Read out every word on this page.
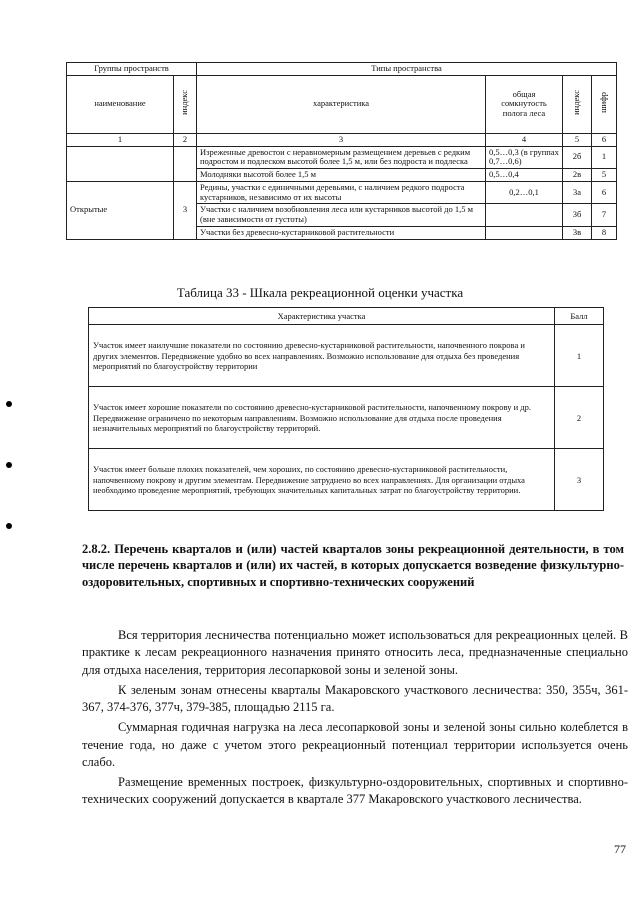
Группы пространств		Типы пространства			
наименование	индекс	характеристика	общая сомкнутость полога леса	индекс	шифр
1	2	3	4	5	6
		Изреженные древостои с неравномерным размещением деревьев с редким подростом и подлеском высотой более 1,5 м, или без подроста и подлеска	0,5…0,3 (в группах 0,7…0,6)	2б	1
		Молодняки высотой более 1,5 м	0,5…0,4	2в	5
Открытые	3	Редины, участки с единичными деревьями, с наличием редкого подроста кустарников, независимо от их высоты	0,2…0,1	3а	6
		Участки с наличием возобновления леса или кустарников высотой до 1,5 м (вне зависимости от густоты)		3б	7
		Участки без древесно-кустарниковой растительности		3в	8
Таблица 33 - Шкала рекреационной оценки участка
Характеристика участка	Балл
Участок имеет наилучшие показатели по состоянию древесно-кустарниковой растительности, напочвенного покрова и других элементов. Передвижение удобно во всех направлениях. Возможно использование для отдыха без проведения мероприятий по благоустройству территории	1
Участок имеет хорошие показатели по состоянию древесно-кустарниковой растительности, напочвенному покрову и др. Передвижение ограничено по некоторым направлениям. Возможно использование для отдыха после проведения незначительных мероприятий по благоустройству территорий.	2
Участок имеет больше плохих показателей, чем хороших, по состоянию древесно-кустарниковой растительности, напочвенному покрову и другим элементам. Передвижение затруднено во всех направлениях. Для организации отдыха необходимо проведение мероприятий, требующих значительных капитальных затрат по благоустройству территории.	3
2.8.2. Перечень кварталов и (или) частей кварталов зоны рекреационной деятельности, в том числе перечень кварталов и (или) их частей, в которых допускается возведение физкультурно-оздоровительных, спортивных и спортивно-технических сооружений

Вся территория лесничества потенциально может использоваться для рекреационных целей. В практике к лесам рекреационного назначения принято относить леса, предназначенные специально для отдыха населения, территория лесопарковой зоны и зеленой зоны.

К зеленым зонам отнесены кварталы Макаровского участкового лесничества: 350, 355ч, 361-367, 374-376, 377ч, 379-385, площадью 2115 га.

Суммарная годичная нагрузка на леса лесопарковой зоны и зеленой зоны сильно колеблется в течение года, но даже с учетом этого рекреационный потенциал территории используется очень слабо.

Размещение временных построек, физкультурно-оздоровительных, спортивных и спортивно-технических сооружений допускается в квартале 377 Макаровского участкового лесничества.

77
